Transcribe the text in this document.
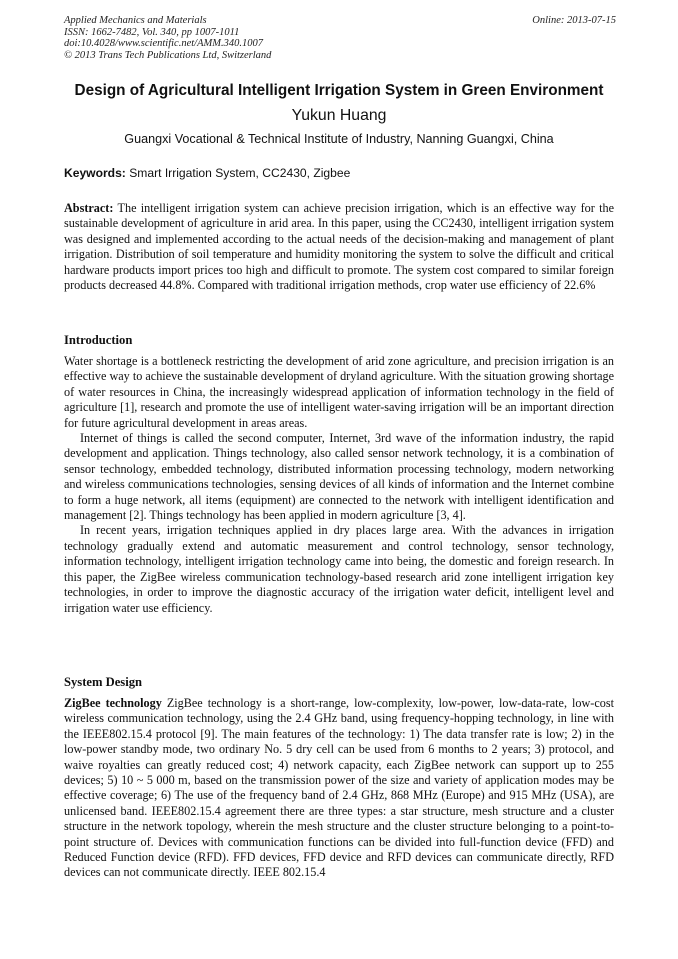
Applied Mechanics and Materials
ISSN: 1662-7482, Vol. 340, pp 1007-1011
doi:10.4028/www.scientific.net/AMM.340.1007
© 2013 Trans Tech Publications Ltd, Switzerland
Online: 2013-07-15
Design of Agricultural Intelligent Irrigation System in Green Environment
Yukun Huang
Guangxi Vocational & Technical Institute of Industry, Nanning Guangxi, China
Keywords: Smart Irrigation System, CC2430, Zigbee

Abstract: The intelligent irrigation system can achieve precision irrigation, which is an effective way for the sustainable development of agriculture in arid area. In this paper, using the CC2430, intelligent irrigation system was designed and implemented according to the actual needs of the decision-making and management of plant irrigation. Distribution of soil temperature and humidity monitoring the system to solve the difficult and critical hardware products import prices too high and difficult to promote. The system cost compared to similar foreign products decreased 44.8%. Compared with traditional irrigation methods, crop water use efficiency of 22.6%

Introduction

Water shortage is a bottleneck restricting the development of arid zone agriculture, and precision irrigation is an effective way to achieve the sustainable development of dryland agriculture. With the situation growing shortage of water resources in China, the increasingly widespread application of information technology in the field of agriculture [1], research and promote the use of intelligent water-saving irrigation will be an important direction for future agricultural development in areas areas.

Internet of things is called the second computer, Internet, 3rd wave of the information industry, the rapid development and application. Things technology, also called sensor network technology, it is a combination of sensor technology, embedded technology, distributed information processing technology, modern networking and wireless communications technologies, sensing devices of all kinds of information and the Internet combine to form a huge network, all items (equipment) are connected to the network with intelligent identification and management [2]. Things technology has been applied in modern agriculture [3, 4].

In recent years, irrigation techniques applied in dry places large area. With the advances in irrigation technology gradually extend and automatic measurement and control technology, sensor technology, information technology, intelligent irrigation technology came into being, the domestic and foreign research. In this paper, the ZigBee wireless communication technology-based research arid zone intelligent irrigation key technologies, in order to improve the diagnostic accuracy of the irrigation water deficit, intelligent level and irrigation water use efficiency.

System Design

ZigBee technology ZigBee technology is a short-range, low-complexity, low-power, low-data-rate, low-cost wireless communication technology, using the 2.4 GHz band, using frequency-hopping technology, in line with the IEEE802.15.4 protocol [9]. The main features of the technology: 1) The data transfer rate is low; 2) in the low-power standby mode, two ordinary No. 5 dry cell can be used from 6 months to 2 years; 3) protocol, and waive royalties can greatly reduced cost; 4) network capacity, each ZigBee network can support up to 255 devices; 5) 10 ~ 5 000 m, based on the transmission power of the size and variety of application modes may be effective coverage; 6) The use of the frequency band of 2.4 GHz, 868 MHz (Europe) and 915 MHz (USA), are unlicensed band. IEEE802.15.4 agreement there are three types: a star structure, mesh structure and a cluster structure in the network topology, wherein the mesh structure and the cluster structure belonging to a point-to-point structure of. Devices with communication functions can be divided into full-function device (FFD) and Reduced Function device (RFD). FFD devices, FFD device and RFD devices can communicate directly, RFD devices can not communicate directly. IEEE 802.15.4
